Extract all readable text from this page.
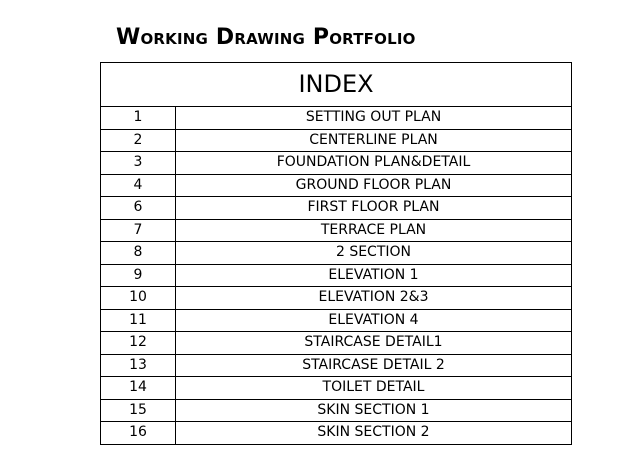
Working Drawing Portfolio
INDEX	
1	SETTING OUT PLAN
2	CENTERLINE PLAN
3	FOUNDATION PLAN&DETAIL
4	GROUND FLOOR PLAN
6	FIRST FLOOR PLAN
7	TERRACE PLAN
8	2 SECTION
9	ELEVATION 1
10	ELEVATION 2&3
11	ELEVATION 4
12	STAIRCASE DETAIL1
13	STAIRCASE DETAIL 2
14	TOILET DETAIL
15	SKIN SECTION 1
16	SKIN SECTION 2
